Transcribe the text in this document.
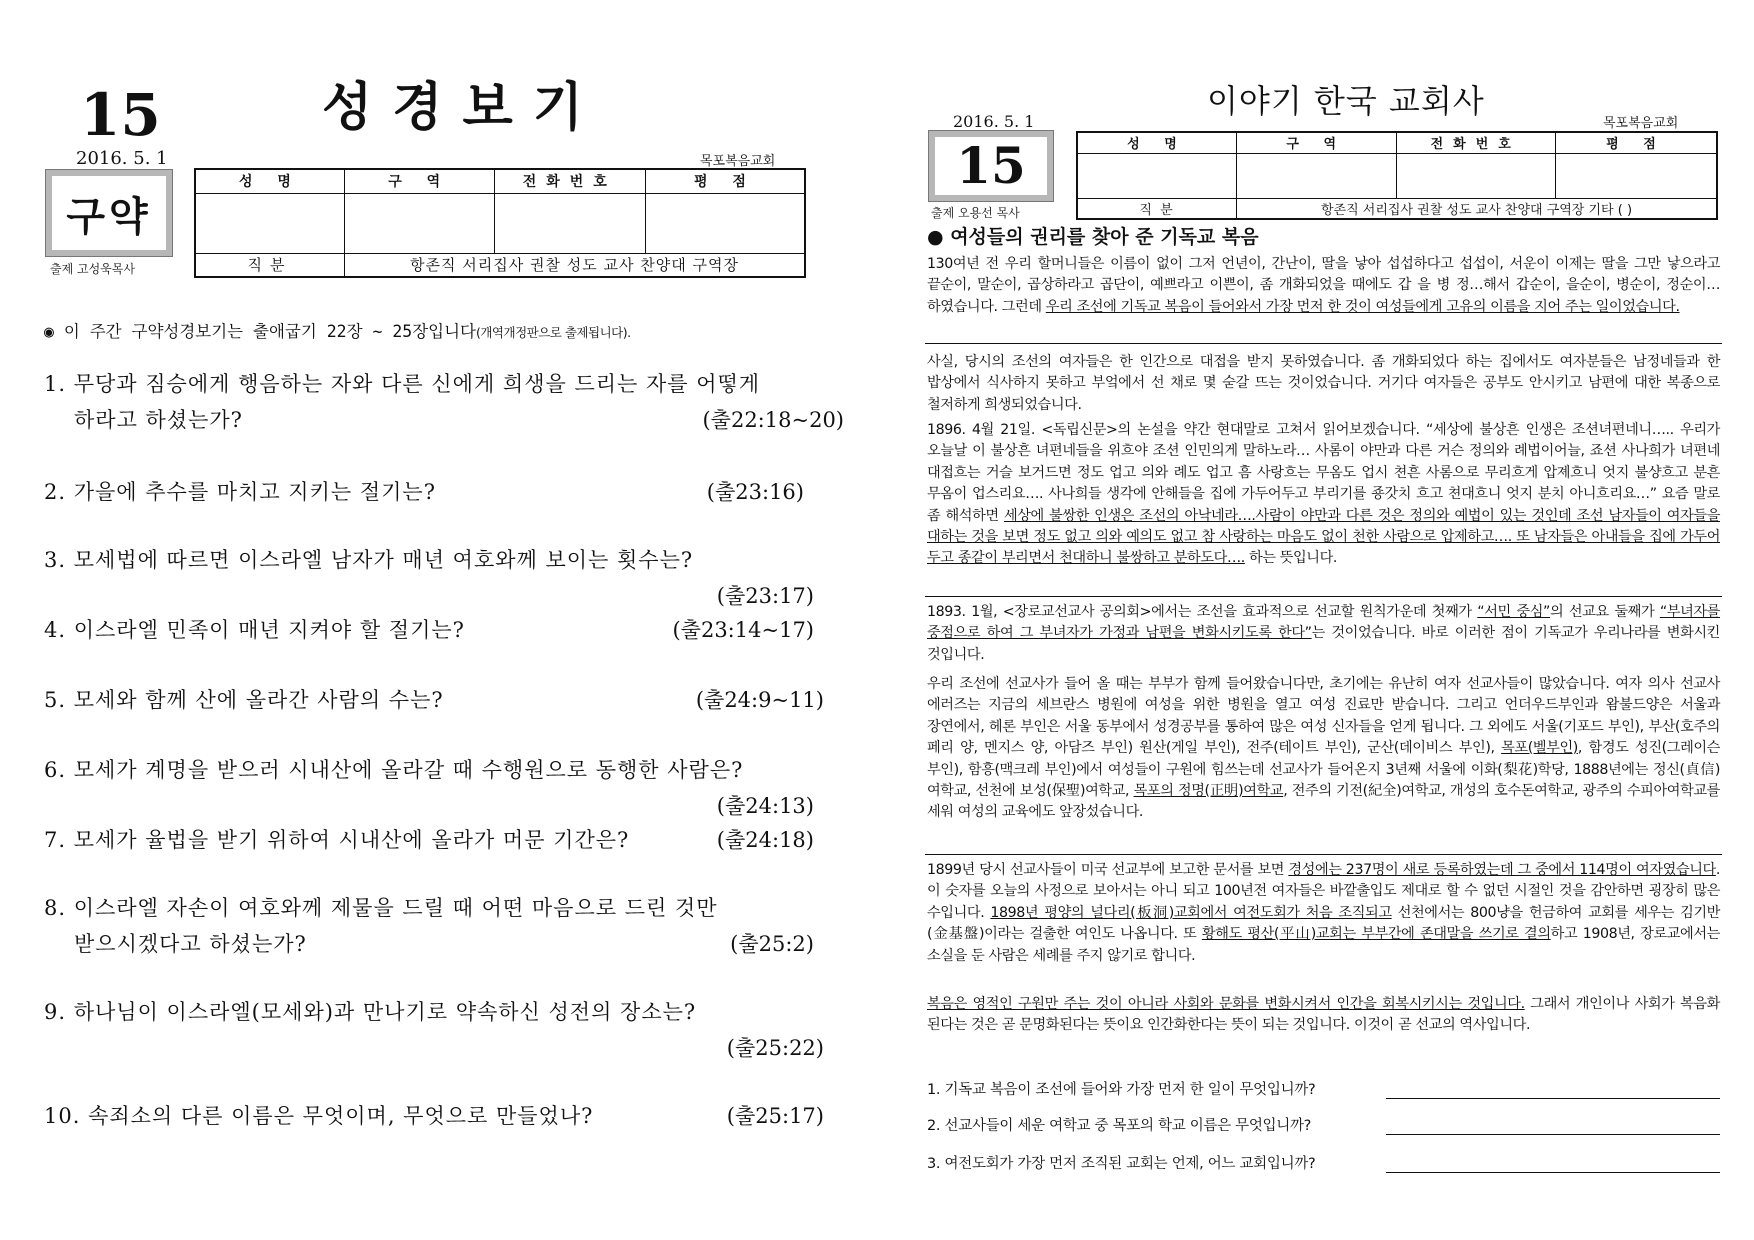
15	성경보기
2016. 5. 1	목포복음교회
구약
출제 고성욱목사
성 명	구 역	전화번호	평 점

직분	항존직 서리집사 권찰 성도 교사 찬양대 구역장		
◉ 이 주간 구약성경보기는 출애굽기 22장 ~ 25장입니다(개역개정판으로 출제됩니다).
1. 무당과 짐승에게 행음하는 자와 다른 신에게 희생을 드리는 자를 어떻게
하라고 하셨는가?	(출22:18~20)
2. 가을에 추수를 마치고 지키는 절기는?	(출23:16)
3. 모세법에 따르면 이스라엘 남자가 매년 여호와께 보이는 횟수는?
(출23:17)
4. 이스라엘 민족이 매년 지켜야 할 절기는?	(출23:14~17)
5. 모세와 함께 산에 올라간 사람의 수는?	(출24:9~11)
6. 모세가 계명을 받으러 시내산에 올라갈 때 수행원으로 동행한 사람은?
(출24:13)
7. 모세가 율법을 받기 위하여 시내산에 올라가 머문 기간은?	(출24:18)
8. 이스라엘 자손이 여호와께 제물을 드릴 때 어떤 마음으로 드린 것만
받으시겠다고 하셨는가?	(출25:2)
9. 하나님이 이스라엘(모세와)과 만나기로 약속하신 성전의 장소는?
(출25:22)
10. 속죄소의 다른 이름은 무엇이며, 무엇으로 만들었나?	(출25:17)
이야기 한국 교회사
2016. 5. 1	목포복음교회
15
출제 오용선 목사
성 명	구 역	전화번호	평 점

직 분	항존직 서리집사 권찰 성도 교사 찬양대 구역장 기타 ( )		
● 여성들의 권리를 찾아 준 기독교 복음
130여년 전 우리 할머니들은 이름이 없이 그저 언년이, 간난이, 딸을 낳아 섭섭하다고 섭섭이, 서운이 이제는 딸을 그만 낳으라고 끝순이, 말순이, 곱상하라고 곱단이, 예쁘라고 이쁜이, 좀 개화되었을 때에도 갑 을 병 정…해서 갑순이, 을순이, 병순이, 정순이…하였습니다. 그런데 우리 조선에 기독교 복음이 들어와서 가장 먼저 한 것이 여성들에게 고유의 이름을 지어 주는 일이었습니다.
사실, 당시의 조선의 여자들은 한 인간으로 대접을 받지 못하였습니다. 좀 개화되었다 하는 집에서도 여자분들은 남정네들과 한 밥상에서 식사하지 못하고 부엌에서 선 채로 몇 숟갈 뜨는 것이었습니다. 거기다 여자들은 공부도 안시키고 남편에 대한 복종으로 철저하게 희생되었습니다.
1896. 4월 21일. <독립신문>의 논설을 약간 현대말로 고쳐서 읽어보겠습니다. “세상에 불상흔 인생은 조션녀편네니….. 우리가 오늘날 이 불상흔 녀편네들을 위흐야 조션 인민의게 말하노라… 사롬이 야만과 다른 거슨 정의와 례법이어늘, 죠션 사나희가 녀편네 대접흐는 거슬 보거드면 정도 업고 의와 례도 업고 흠 사랑흐는 무옴도 업시 쳔흔 사롬으로 무리흐게 압졔흐니 엇지 불샹흐고 분흔 무옴이 업스리요…. 사나희들 생각에 안해들을 집에 가두어두고 부리기를 죵갓치 흐고 쳔대흐니 엇지 분치 아니흐리요…” 요즘 말로 좀 해석하면 세상에 불쌍한 인생은 조선의 아낙네라….사람이 야만과 다른 것은 정의와 예법이 있는 것인데 조선 남자들이 여자들을 대하는 것을 보면 정도 없고 의와 예의도 없고 참 사랑하는 마음도 없이 천한 사람으로 압제하고…. 또 남자들은 아내들을 집에 가두어 두고 종같이 부리면서 천대하니 불쌍하고 분하도다…. 하는 뜻입니다.
1893. 1월, <장로교선교사 공의회>에서는 조선을 효과적으로 선교할 원칙가운데 첫째가 “서민 중심”의 선교요 둘째가 “부녀자를 중점으로 하여 그 부녀자가 가정과 남편을 변화시키도록 한다”는 것이었습니다. 바로 이러한 점이 기독교가 우리나라를 변화시킨 것입니다.
우리 조선에 선교사가 들어 올 때는 부부가 함께 들어왔습니다만, 초기에는 유난히 여자 선교사들이 많았습니다. 여자 의사 선교사 에러즈는 지금의 세브란스 병원에 여성을 위한 병원을 열고 여성 진료만 받습니다. 그리고 언더우드부인과 왐불드양은 서울과 장연에서, 헤론 부인은 서울 동부에서 성경공부를 통하여 많은 여성 신자들을 얻게 됩니다. 그 외에도 서울(기포드 부인), 부산(호주의 페리 양, 멘지스 양, 아담즈 부인) 원산(게일 부인), 전주(테이트 부인), 군산(데이비스 부인), 목포(벨부인), 함경도 성진(그레이슨 부인), 함흥(맥크레 부인)에서 여성들이 구원에 힘쓰는데 선교사가 들어온지 3년째 서울에 이화(梨花)학당, 1888년에는 정신(貞信)여학교, 선천에 보성(保聖)여학교, 목포의 정명(正明)여학교, 전주의 기전(紀全)여학교, 개성의 호수돈여학교, 광주의 수피아여학교를 세워 여성의 교육에도 앞장섰습니다.
1899년 당시 선교사들이 미국 선교부에 보고한 문서를 보면 경성에는 237명이 새로 등록하였는데 그 중에서 114명이 여자였습니다. 이 숫자를 오늘의 사정으로 보아서는 아니 되고 100년전 여자들은 바깥출입도 제대로 할 수 없던 시절인 것을 감안하면 굉장히 많은 수입니다. 1898년 평양의 널다리(板洞)교회에서 여전도회가 처음 조직되고 선천에서는 800냥을 헌금하여 교회를 세우는 김기반(金基盤)이라는 걸출한 여인도 나옵니다. 또 황해도 평산(平山)교회는 부부간에 존대말을 쓰기로 결의하고 1908년, 장로교에서는 소실을 둔 사람은 세례를 주지 않기로 합니다.
복음은 영적인 구원만 주는 것이 아니라 사회와 문화를 변화시켜서 인간을 회복시키시는 것입니다. 그래서 개인이나 사회가 복음화 된다는 것은 곧 문명화된다는 뜻이요 인간화한다는 뜻이 되는 것입니다. 이것이 곧 선교의 역사입니다.
1. 기독교 복음이 조선에 들어와 가장 먼저 한 일이 무엇입니까?
2. 선교사들이 세운 여학교 중 목포의 학교 이름은 무엇입니까?
3. 여전도회가 가장 먼저 조직된 교회는 언제, 어느 교회입니까?
